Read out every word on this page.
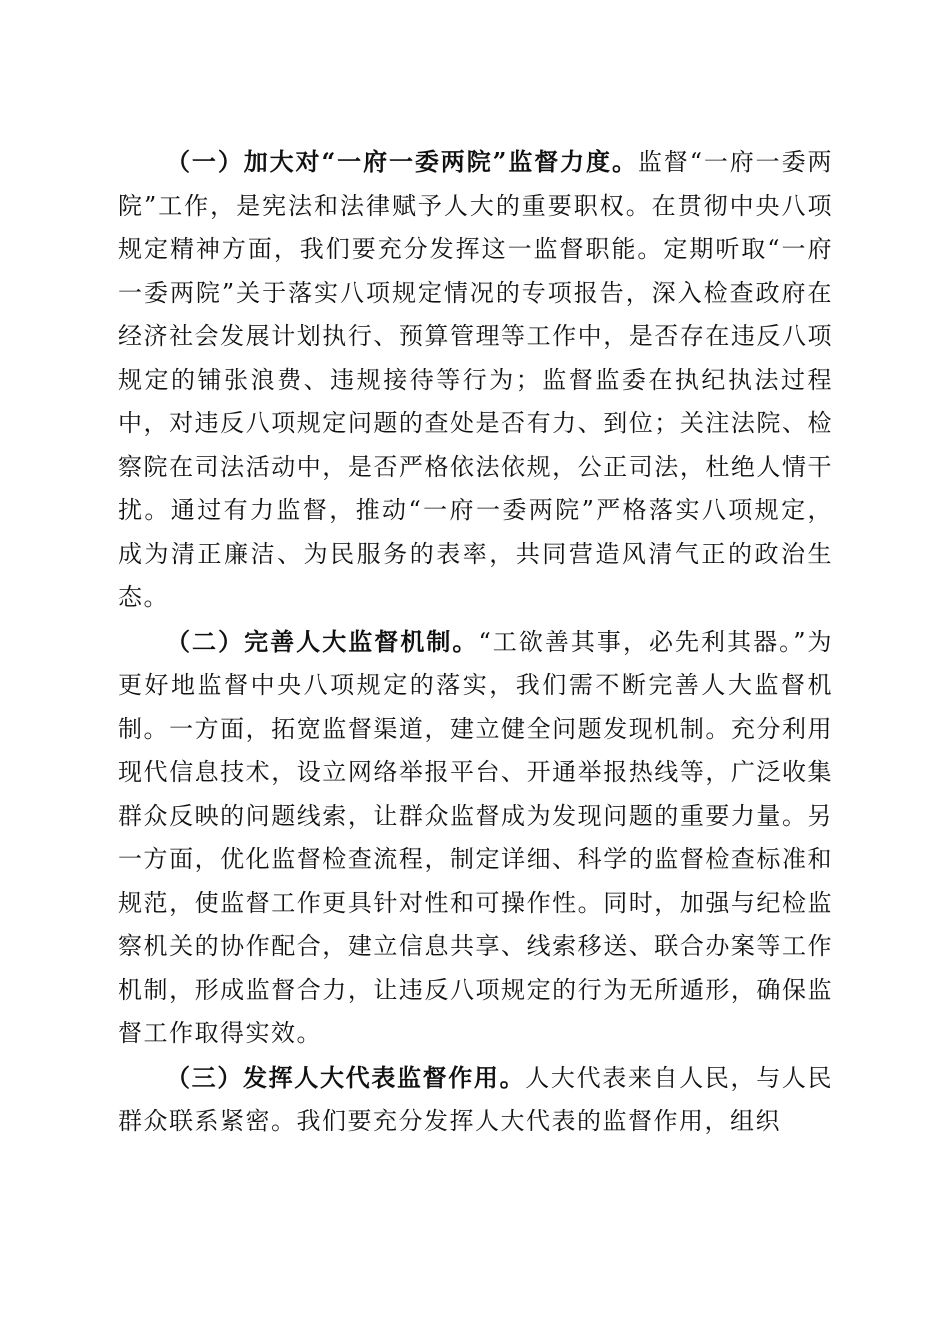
（一）加大对“一府一委两院”监督力度。监督“一府一委两院”工作，是宪法和法律赋予人大的重要职权。在贯彻中央八项规定精神方面，我们要充分发挥这一监督职能。定期听取“一府一委两院”关于落实八项规定情况的专项报告，深入检查政府在经济社会发展计划执行、预算管理等工作中，是否存在违反八项规定的铺张浪费、违规接待等行为；监督监委在执纪执法过程中，对违反八项规定问题的查处是否有力、到位；关注法院、检察院在司法活动中，是否严格依法依规，公正司法，杜绝人情干扰。通过有力监督，推动“一府一委两院”严格落实八项规定，成为清正廉洁、为民服务的表率，共同营造风清气正的政治生态。

（二）完善人大监督机制。“工欲善其事，必先利其器。”为更好地监督中央八项规定的落实，我们需不断完善人大监督机制。一方面，拓宽监督渠道，建立健全问题发现机制。充分利用现代信息技术，设立网络举报平台、开通举报热线等，广泛收集群众反映的问题线索，让群众监督成为发现问题的重要力量。另一方面，优化监督检查流程，制定详细、科学的监督检查标准和规范，使监督工作更具针对性和可操作性。同时，加强与纪检监察机关的协作配合，建立信息共享、线索移送、联合办案等工作机制，形成监督合力，让违反八项规定的行为无所遁形，确保监督工作取得实效。

（三）发挥人大代表监督作用。人大代表来自人民，与人民群众联系紧密。我们要充分发挥人大代表的监督作用，组织
